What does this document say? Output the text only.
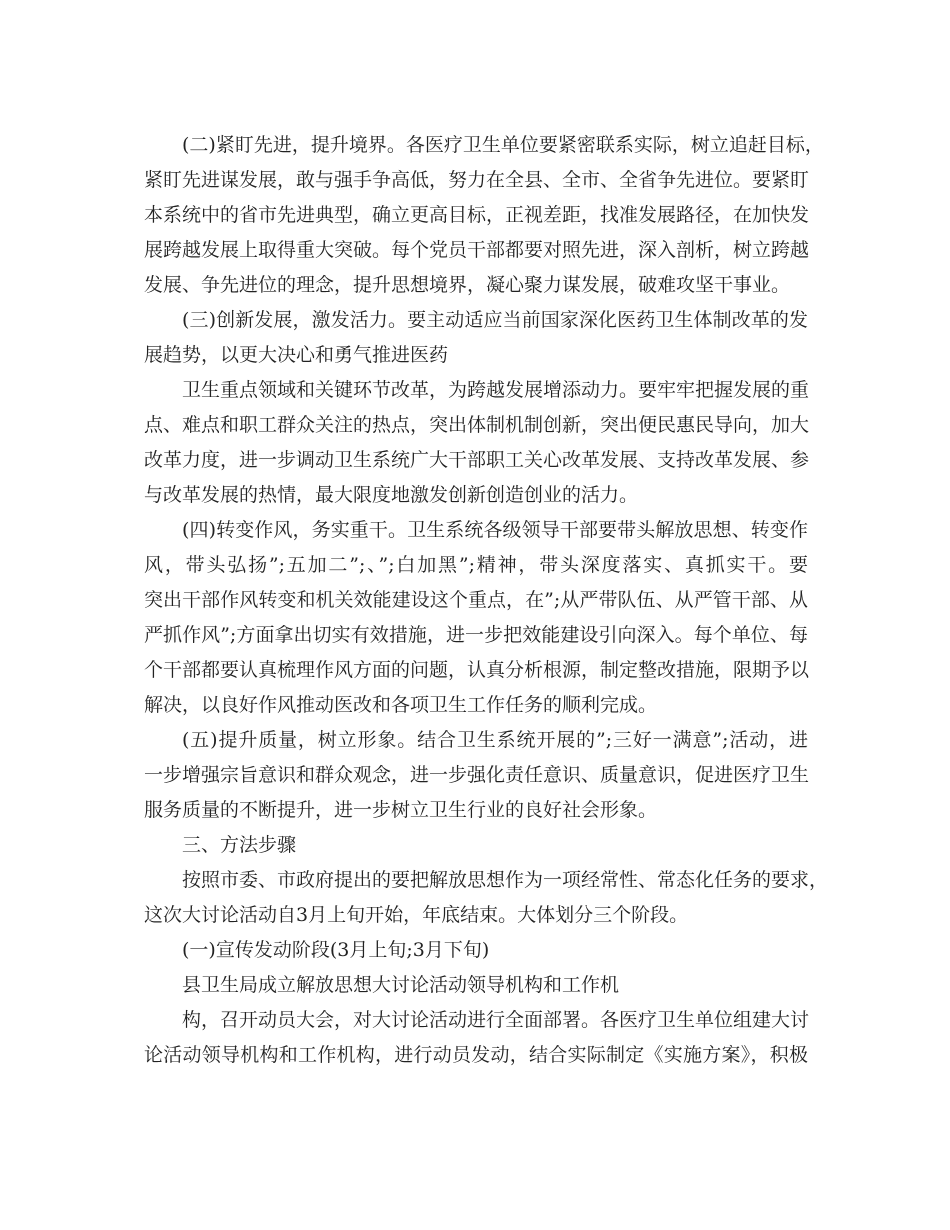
(二)紧盯先进，提升境界。各医疗卫生单位要紧密联系实际，树立追赶目标，
紧盯先进谋发展，敢与强手争高低，努力在全县、全市、全省争先进位。要紧盯
本系统中的省市先进典型，确立更高目标，正视差距，找准发展路径，在加快发
展跨越发展上取得重大突破。每个党员干部都要对照先进，深入剖析，树立跨越
发展、争先进位的理念，提升思想境界，凝心聚力谋发展，破难攻坚干事业。
(三)创新发展，激发活力。要主动适应当前国家深化医药卫生体制改革的发
展趋势，以更大决心和勇气推进医药
卫生重点领域和关键环节改革，为跨越发展增添动力。要牢牢把握发展的重
点、难点和职工群众关注的热点，突出体制机制创新，突出便民惠民导向，加大
改革力度，进一步调动卫生系统广大干部职工关心改革发展、支持改革发展、参
与改革发展的热情，最大限度地激发创新创造创业的活力。
(四)转变作风，务实重干。卫生系统各级领导干部要带头解放思想、转变作
风，带头弘扬”;五加二”;、”;白加黑”;精神，带头深度落实、真抓实干。要
突出干部作风转变和机关效能建设这个重点，在”;从严带队伍、从严管干部、从
严抓作风”;方面拿出切实有效措施，进一步把效能建设引向深入。每个单位、每
个干部都要认真梳理作风方面的问题，认真分析根源，制定整改措施，限期予以
解决，以良好作风推动医改和各项卫生工作任务的顺利完成。
(五)提升质量，树立形象。结合卫生系统开展的”;三好一满意”;活动，进
一步增强宗旨意识和群众观念，进一步强化责任意识、质量意识，促进医疗卫生
服务质量的不断提升，进一步树立卫生行业的良好社会形象。
三、方法步骤
按照市委、市政府提出的要把解放思想作为一项经常性、常态化任务的要求，
这次大讨论活动自3月上旬开始，年底结束。大体划分三个阶段。
(一)宣传发动阶段(3月上旬;3月下旬)
县卫生局成立解放思想大讨论活动领导机构和工作机
构，召开动员大会，对大讨论活动进行全面部署。各医疗卫生单位组建大讨
论活动领导机构和工作机构，进行动员发动，结合实际制定《实施方案》，积极
